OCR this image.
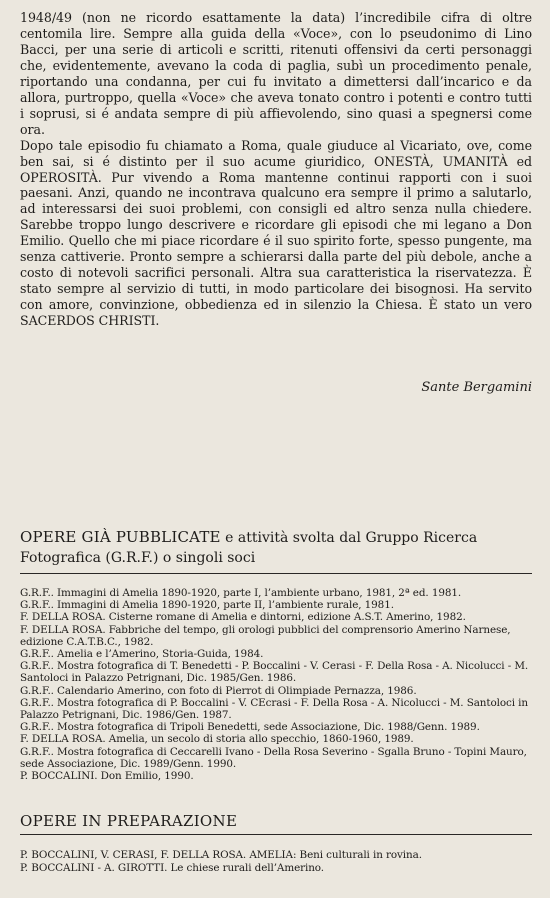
1948/49 (non ne ricordo esattamente la data) l’incredibile cifra di oltre centomila lire. Sempre alla guida della «Voce», con lo pseudonimo di Lino Bacci, per una serie di articoli e scritti, ritenuti offensivi da certi personaggi che, evidentemente, avevano la coda di paglia, subì un procedimento penale, riportando una condanna, per cui fu invitato a dimettersi dall’incarico e da allora, purtroppo, quella «Voce» che aveva tonato contro i potenti e contro tutti i soprusi, si é andata sempre di più affievolendo, sino quasi a spegnersi come ora.

Dopo tale episodio fu chiamato a Roma, quale giuduce al Vicariato, ove, come ben sai, si é distinto per il suo acume giuridico, ONESTÀ, UMANITÀ ed OPEROSITÀ. Pur vivendo a Roma mantenne continui rapporti con i suoi paesani. Anzi, quando ne incontrava qualcuno era sempre il primo a salutarlo, ad interessarsi dei suoi problemi, con consigli ed altro senza nulla chiedere. Sarebbe troppo lungo descrivere e ricordare gli episodi che mi legano a Don Emilio. Quello che mi piace ricordare é il suo spirito forte, spesso pungente, ma senza cattiverie. Pronto sempre a schierarsi dalla parte del più debole, anche a costo di notevoli sacrifici personali. Altra sua caratteristica la riservatezza. È stato sempre al servizio di tutti, in modo particolare dei bisognosi. Ha servito con amore, convinzione, obbedienza ed in silenzio la Chiesa. È stato un vero SACERDOS CHRISTI.

Sante Bergamini
OPERE GIÀ PUBBLICATE e attività svolta dal Gruppo Ricerca Fotografica (G.R.F.) o singoli soci

G.R.F.. Immagini di Amelia 1890-1920, parte I, l’ambiente urbano, 1981, 2ª ed. 1981.

G.R.F.. Immagini di Amelia 1890-1920, parte II, l’ambiente rurale, 1981.

F. DELLA ROSA. Cisterne romane di Amelia e dintorni, edizione A.S.T. Amerino, 1982.

F. DELLA ROSA. Fabbriche del tempo, gli orologi pubblici del comprensorio Amerino Narnese, edizione C.A.T.B.C., 1982.

G.R.F.. Amelia e l’Amerino, Storia-Guida, 1984.

G.R.F.. Mostra fotografica di T. Benedetti - P. Boccalini - V. Cerasi - F. Della Rosa - A. Nicolucci - M. Santoloci in Palazzo Petrignani, Dic. 1985/Gen. 1986.

G.R.F.. Calendario Amerino, con foto di Pierrot di Olimpiade Pernazza, 1986.

G.R.F.. Mostra fotografica di P. Boccalini - V. CEcrasi - F. Della Rosa - A. Nicolucci - M. Santoloci in Palazzo Petrignani, Dic. 1986/Gen. 1987.

G.R.F.. Mostra fotografica di Tripoli Benedetti, sede Associazione, Dic. 1988/Genn. 1989.

F. DELLA ROSA. Amelia, un secolo di storia allo specchio, 1860-1960, 1989.

G.R.F.. Mostra fotografica di Ceccarelli Ivano - Della Rosa Severino - Sgalla Bruno - Topini Mauro, sede Associazione, Dic. 1989/Genn. 1990.

P. BOCCALINI. Don Emilio, 1990.

OPERE IN PREPARAZIONE

P. BOCCALINI, V. CERASI, F. DELLA ROSA. AMELIA: Beni culturali in rovina.

P. BOCCALINI - A. GIROTTI. Le chiese rurali dell’Amerino.
